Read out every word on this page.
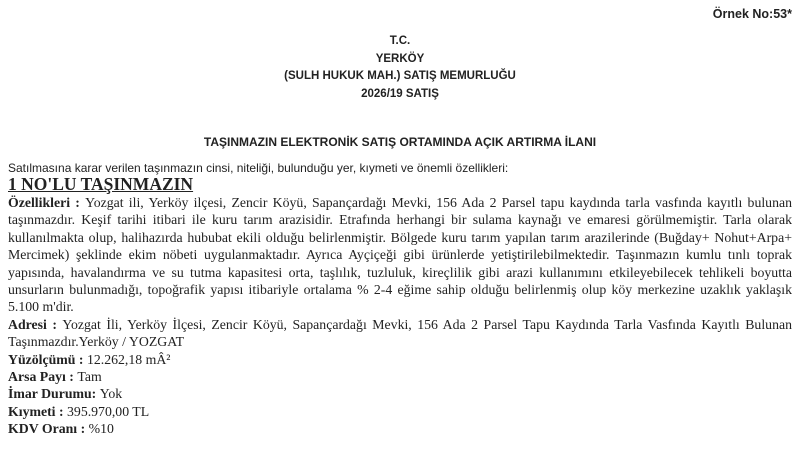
Örnek No:53*
T.C.
YERKÖY
(SULH HUKUK MAH.) SATIŞ MEMURLUĞU
2026/19 SATIŞ
TAŞINMAZIN ELEKTRONİK SATIŞ ORTAMINDA AÇIK ARTIRMA İLANI
Satılmasına karar verilen taşınmazın cinsi, niteliği, bulunduğu yer, kıymeti ve önemli özellikleri:
1 NO'LU TAŞINMAZIN

Özellikleri : Yozgat ili, Yerköy ilçesi, Zencir Köyü, Sapançardağı Mevki, 156 Ada 2 Parsel tapu kaydında tarla vasfında kayıtlı bulunan taşınmazdır. Keşif tarihi itibari ile kuru tarım arazisidir. Etrafında herhangi bir sulama kaynağı ve emaresi görülmemiştir. Tarla olarak kullanılmakta olup, halihazırda hububat ekili olduğu belirlenmiştir. Bölgede kuru tarım yapılan tarım arazilerinde (Buğday+ Nohut+Arpa+ Mercimek) şeklinde ekim nöbeti uygulanmaktadır. Ayrıca Ayçiçeği gibi ürünlerde yetiştirilebilmektedir. Taşınmazın kumlu tınlı toprak yapısında, havalandırma ve su tutma kapasitesi orta, taşlılık, tuzluluk, kireçlilik gibi arazi kullanımını etkileyebilecek tehlikeli boyutta unsurların bulunmadığı, topoğrafik yapısı itibariyle ortalama % 2-4 eğime sahip olduğu belirlenmiş olup köy merkezine uzaklık yaklaşık 5.100 m'dir.

Adresi : Yozgat İli, Yerköy İlçesi, Zencir Köyü, Sapançardağı Mevki, 156 Ada 2 Parsel Tapu Kaydında Tarla Vasfında Kayıtlı Bulunan Taşınmazdır.Yerköy / YOZGAT

Yüzölçümü : 12.262,18 mÂ²

Arsa Payı : Tam

İmar Durumu: Yok

Kıymeti : 395.970,00 TL

KDV Oranı : %10
